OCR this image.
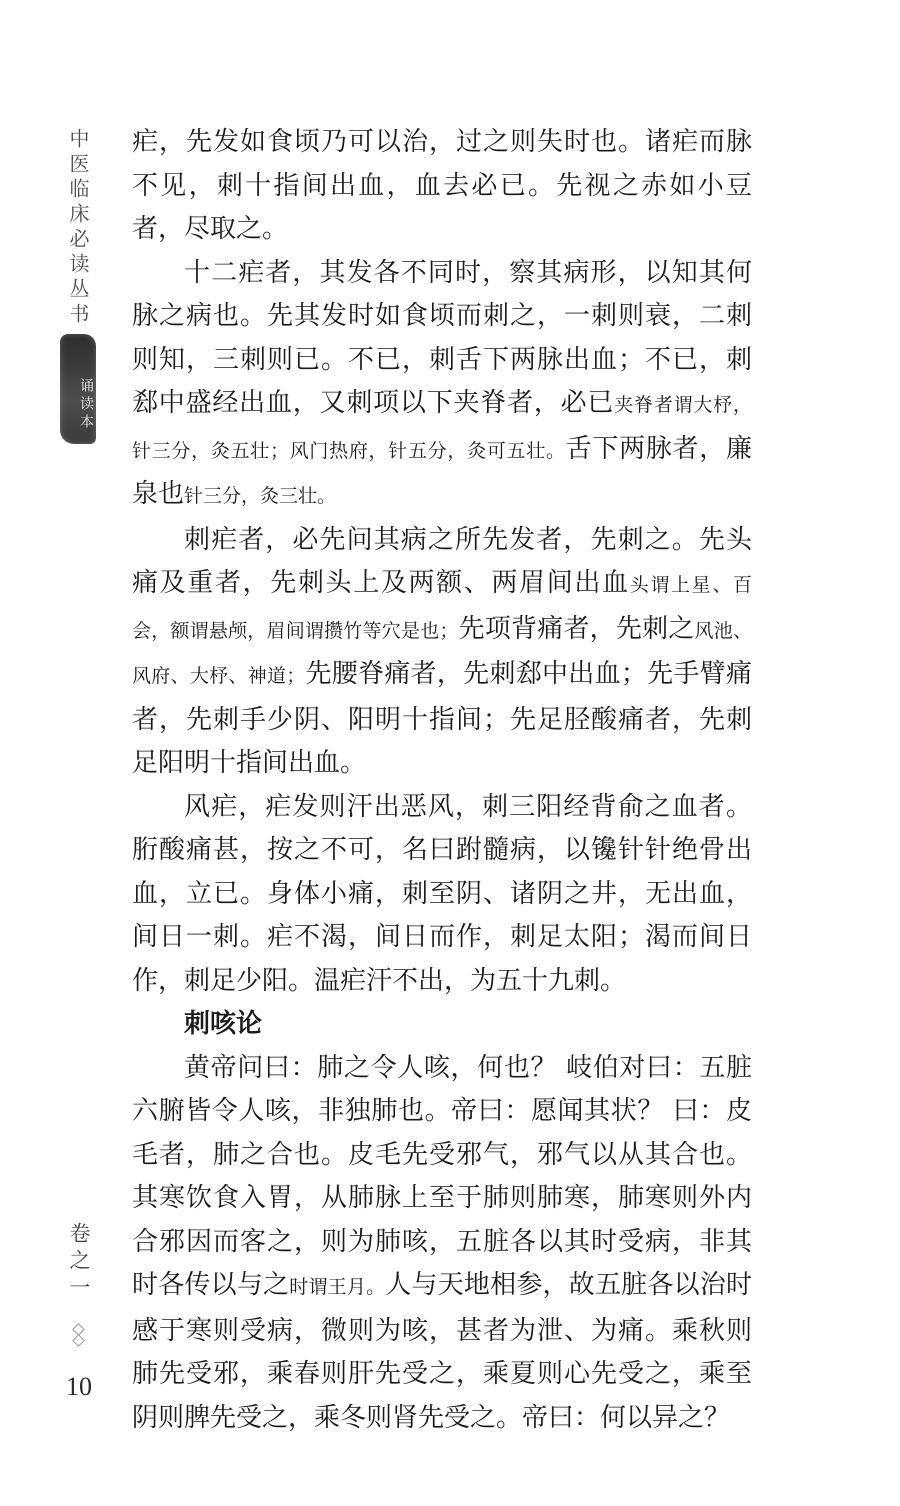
中医临床必读丛书
诵读本
卷之一
10

疟，先发如食顷乃可以治，过之则失时也。诸疟而脉不见，刺十指间出血，血去必已。先视之赤如小豆者，尽取之。

十二疟者，其发各不同时，察其病形，以知其何脉之病也。先其发时如食顷而刺之，一刺则衰，二刺则知，三刺则已。不已，刺舌下两脉出血；不已，刺郄中盛经出血，又刺项以下夹脊者，必已夹脊者谓大杼，针三分，灸五壮；风门热府，针五分，灸可五壮。舌下两脉者，廉泉也针三分，灸三壮。

刺疟者，必先问其病之所先发者，先刺之。先头痛及重者，先刺头上及两额、两眉间出血头谓上星、百会，额谓悬颅，眉间谓攒竹等穴是也；先项背痛者，先刺之风池、风府、大杼、神道；先腰脊痛者，先刺郄中出血；先手臂痛者，先刺手少阴、阳明十指间；先足胫酸痛者，先刺足阳明十指间出血。

风疟，疟发则汗出恶风，刺三阳经背俞之血者。胻酸痛甚，按之不可，名曰跗髓病，以镵针针绝骨出血，立已。身体小痛，刺至阴、诸阴之井，无出血，间日一刺。疟不渴，间日而作，刺足太阳；渴而间日作，刺足少阳。温疟汗不出，为五十九刺。

刺咳论

黄帝问曰：肺之令人咳，何也？ 岐伯对曰：五脏六腑皆令人咳，非独肺也。帝曰：愿闻其状？ 曰：皮毛者，肺之合也。皮毛先受邪气，邪气以从其合也。其寒饮食入胃，从肺脉上至于肺则肺寒，肺寒则外内合邪因而客之，则为肺咳，五脏各以其时受病，非其时各传以与之时谓王月。人与天地相参，故五脏各以治时感于寒则受病，微则为咳，甚者为泄、为痛。乘秋则肺先受邪，乘春则肝先受之，乘夏则心先受之，乘至阴则脾先受之，乘冬则肾先受之。帝曰：何以异之？
